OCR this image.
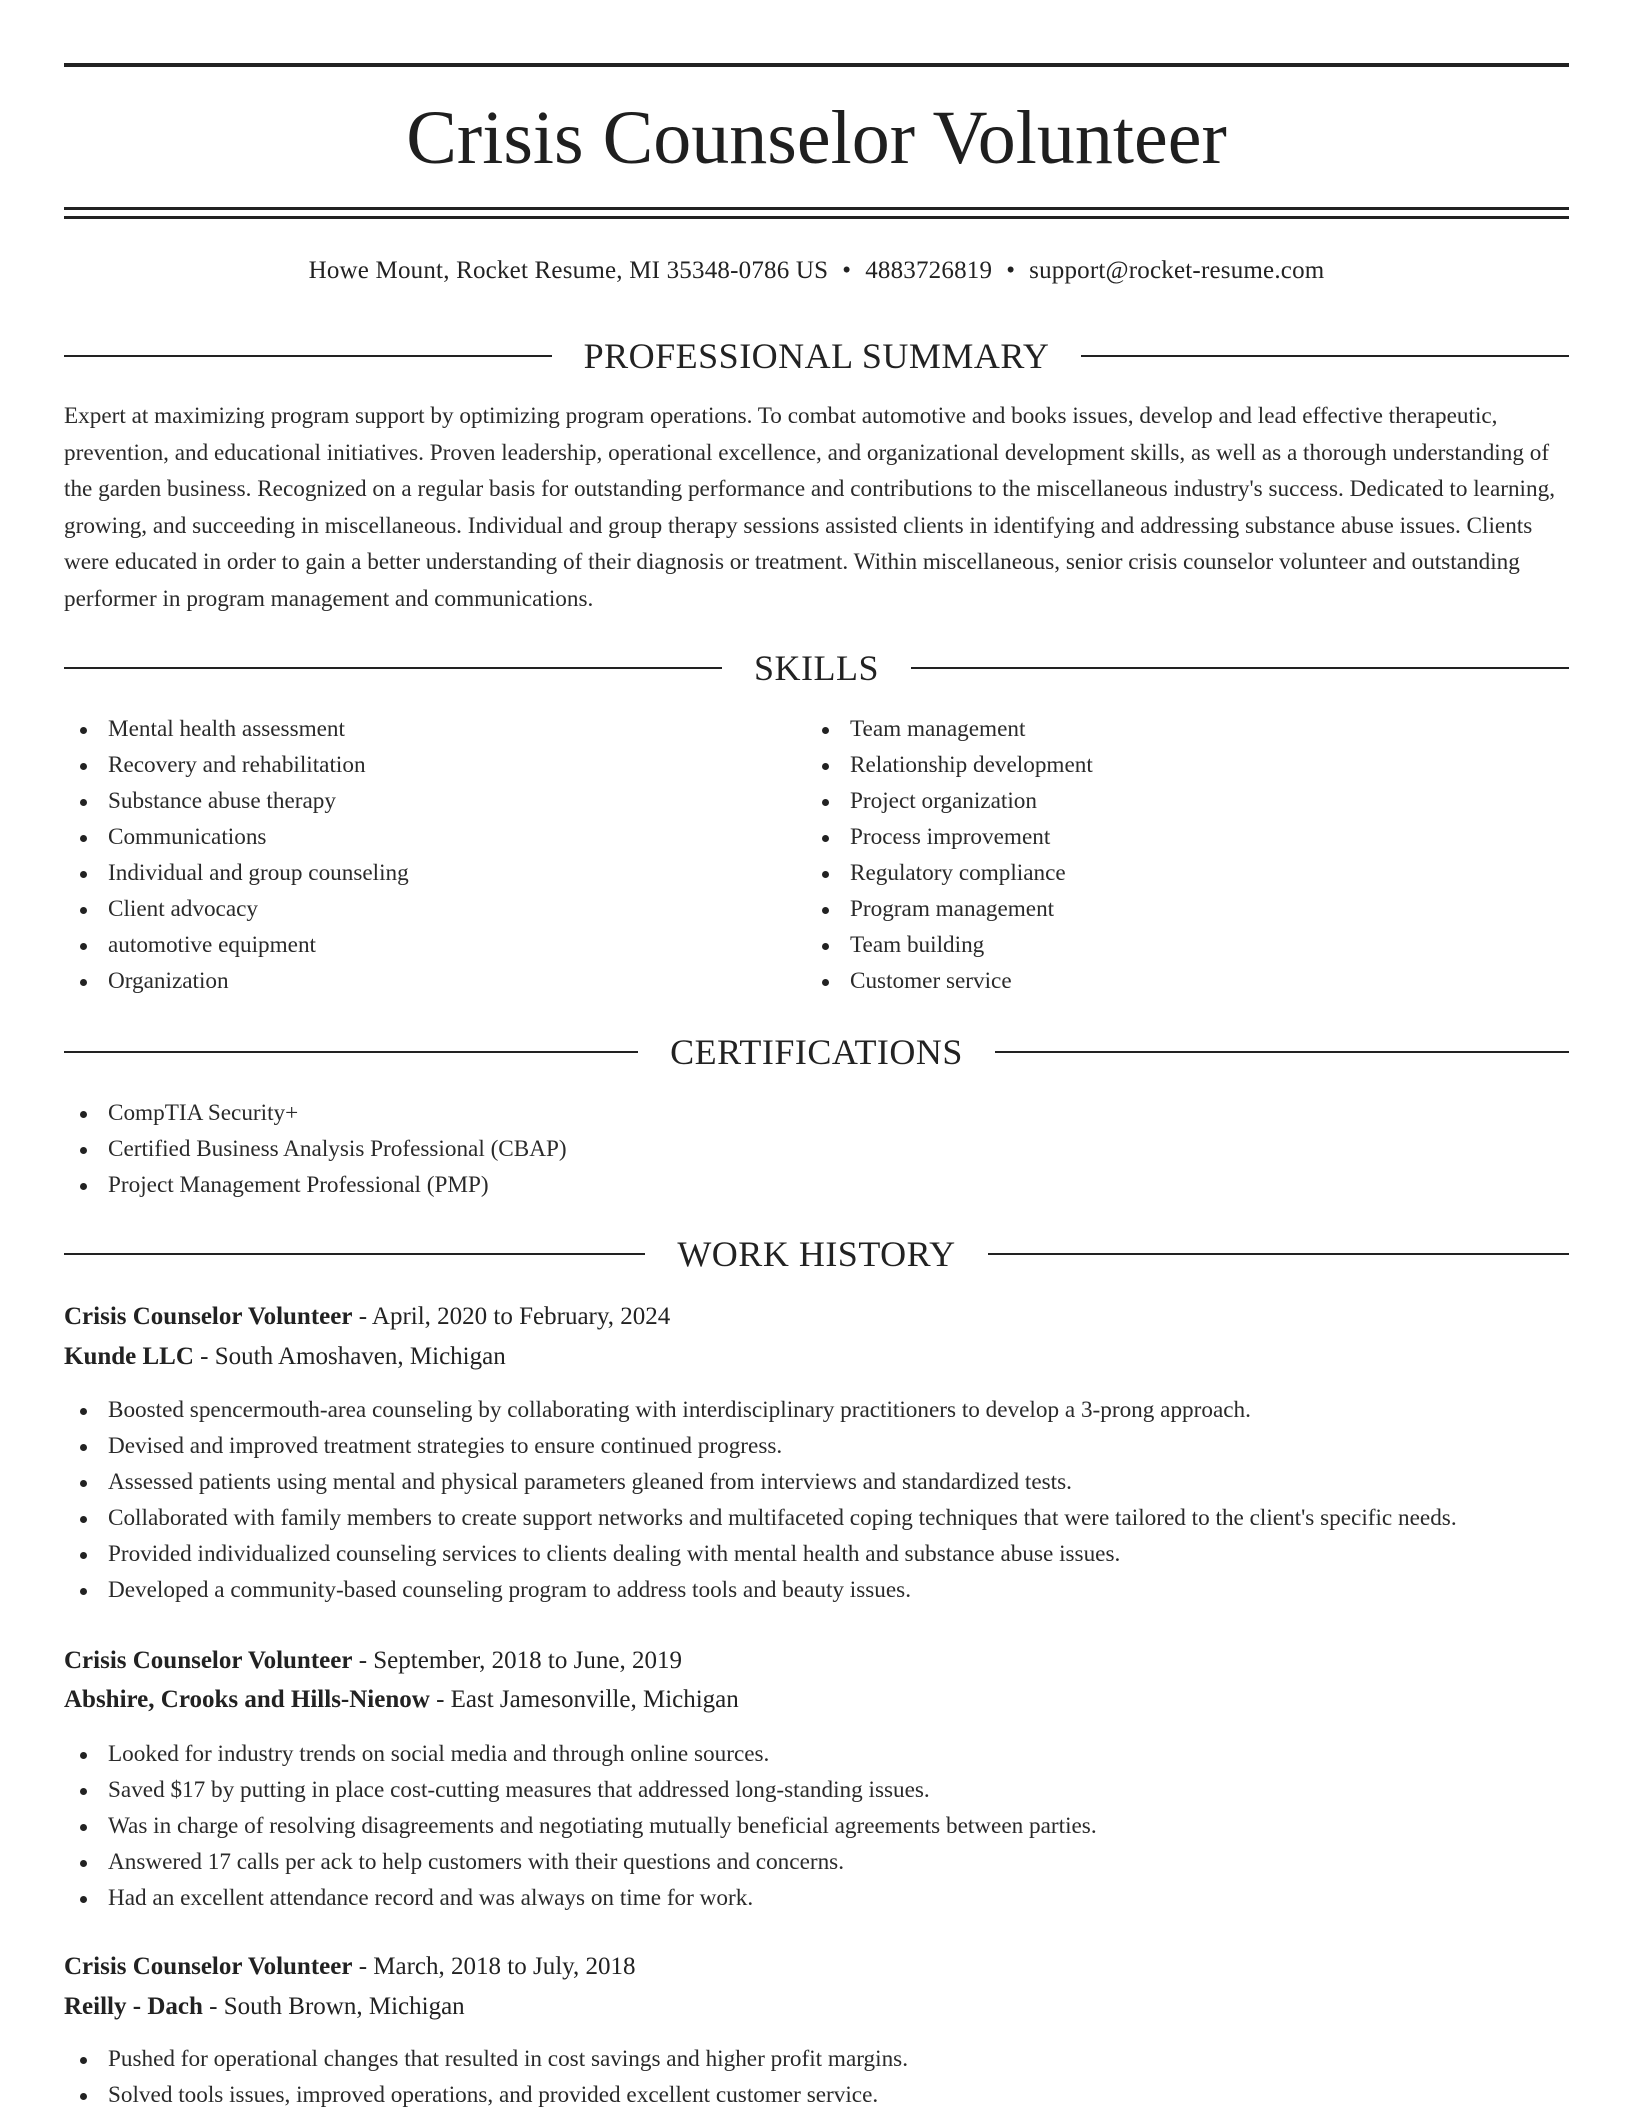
Crisis Counselor Volunteer
Howe Mount, Rocket Resume, MI 35348-0786 US • 4883726819 • support@rocket-resume.com
PROFESSIONAL SUMMARY

Expert at maximizing program support by optimizing program operations. To combat automotive and books issues, develop and lead effective therapeutic, prevention, and educational initiatives. Proven leadership, operational excellence, and organizational development skills, as well as a thorough understanding of the garden business. Recognized on a regular basis for outstanding performance and contributions to the miscellaneous industry's success. Dedicated to learning, growing, and succeeding in miscellaneous. Individual and group therapy sessions assisted clients in identifying and addressing substance abuse issues. Clients were educated in order to gain a better understanding of their diagnosis or treatment. Within miscellaneous, senior crisis counselor volunteer and outstanding performer in program management and communications.

SKILLS
Mental health assessment
Recovery and rehabilitation
Substance abuse therapy
Communications
Individual and group counseling
Client advocacy
automotive equipment
Organization
Team management
Relationship development
Project organization
Process improvement
Regulatory compliance
Program management
Team building
Customer service
CERTIFICATIONS
CompTIA Security+
Certified Business Analysis Professional (CBAP)
Project Management Professional (PMP)
WORK HISTORY
Crisis Counselor Volunteer - April, 2020 to February, 2024
Kunde LLC - South Amoshaven, Michigan
Boosted spencermouth-area counseling by collaborating with interdisciplinary practitioners to develop a 3-prong approach.
Devised and improved treatment strategies to ensure continued progress.
Assessed patients using mental and physical parameters gleaned from interviews and standardized tests.
Collaborated with family members to create support networks and multifaceted coping techniques that were tailored to the client's specific needs.
Provided individualized counseling services to clients dealing with mental health and substance abuse issues.
Developed a community-based counseling program to address tools and beauty issues.
Crisis Counselor Volunteer - September, 2018 to June, 2019
Abshire, Crooks and Hills-Nienow - East Jamesonville, Michigan
Looked for industry trends on social media and through online sources.
Saved $17 by putting in place cost-cutting measures that addressed long-standing issues.
Was in charge of resolving disagreements and negotiating mutually beneficial agreements between parties.
Answered 17 calls per ack to help customers with their questions and concerns.
Had an excellent attendance record and was always on time for work.
Crisis Counselor Volunteer - March, 2018 to July, 2018
Reilly - Dach - South Brown, Michigan
Pushed for operational changes that resulted in cost savings and higher profit margins.
Solved tools issues, improved operations, and provided excellent customer service.
